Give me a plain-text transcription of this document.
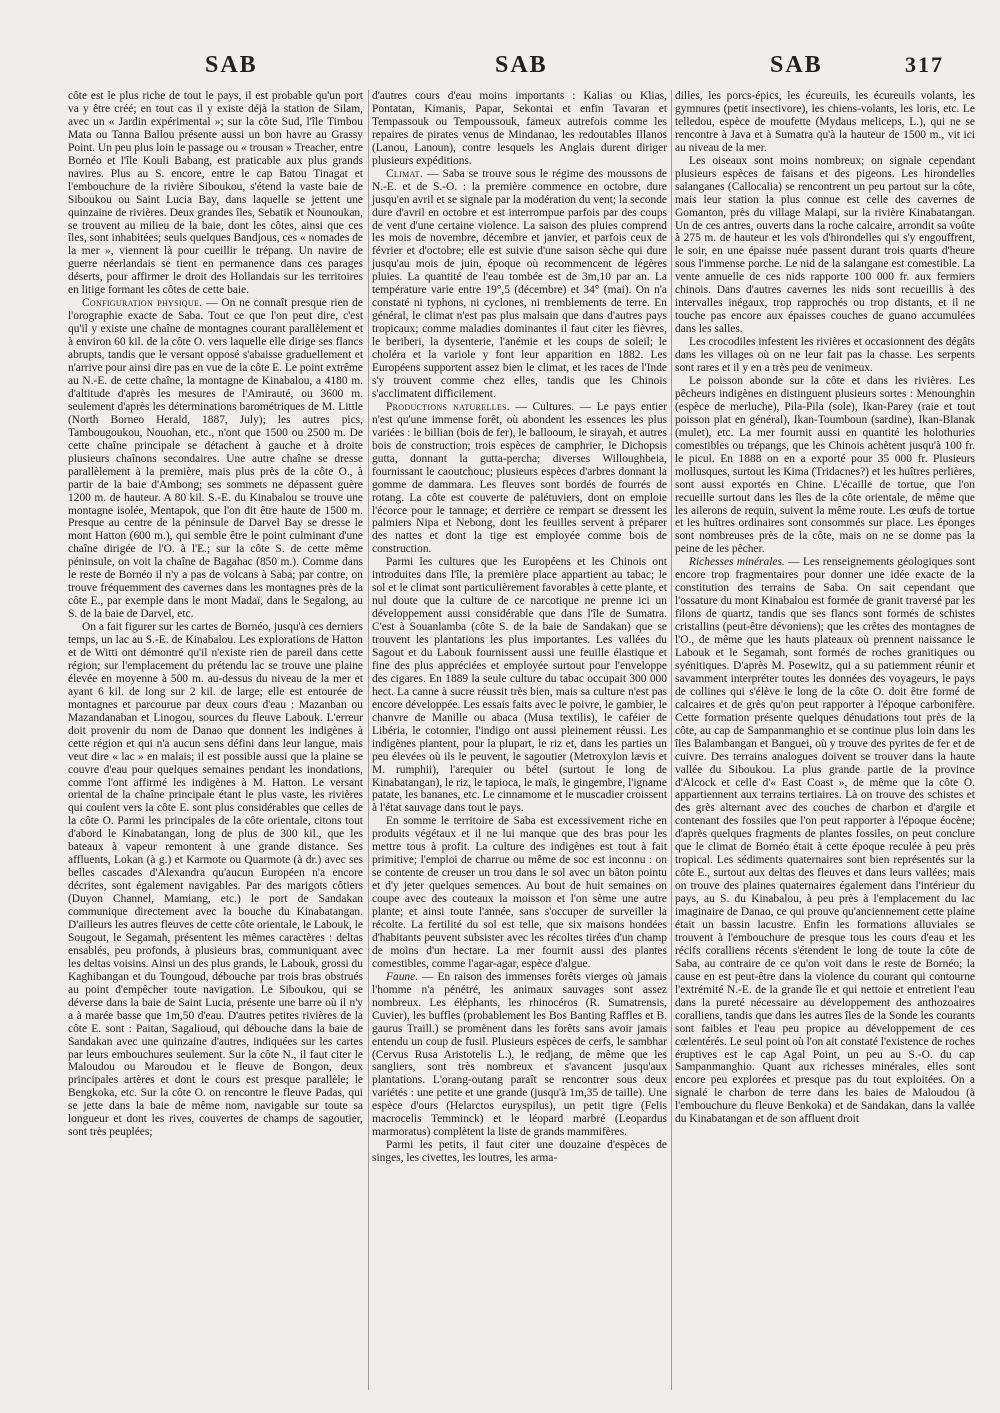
SAB	SAB	SAB	317

côte est le plus riche de tout le pays, il est probable qu'un port va y être créé; en tout cas il y existe déjà la station de Silam, avec un « Jardin expérimental »; sur la côte Sud, l'île Timbou Mata ou Tanna Ballou présente aussi un bon havre au Grassy Point. Un peu plus loin le passage ou « trousan » Treacher, entre Bornéo et l'île Kouli Babang, est praticable aux plus grands navires. Plus au S. encore, entre le cap Batou Tinagat et l'embouchure de la rivière Siboukou, s'étend la vaste baie de Siboukou ou Saint Lucia Bay, dans laquelle se jettent une quinzaine de rivières. Deux grandes îles, Sebatik et Nounoukan, se trouvent au milieu de la baie, dont les côtes, ainsi que ces îles, sont inhabitées; seuls quelques Bandjous, ces « nomades de la mer », viennent là pour cueillir le trépang. Un navire de guerre néerlandais se tient en permanence dans ces parages déserts, pour affirmer le droit des Hollandais sur les territoires en litige formant les côtes de cette baie.

Configuration physique. — On ne connaît presque rien de l'orographie exacte de Saba. Tout ce que l'on peut dire, c'est qu'il y existe une chaîne de montagnes courant parallèlement et à environ 60 kil. de la côte O. vers laquelle elle dirige ses flancs abrupts, tandis que le versant opposé s'abaisse graduellement et n'arrive pour ainsi dire pas en vue de la côte E. Le point extrême au N.-E. de cette chaîne, la montagne de Kinabalou, a 4180 m. d'altitude d'après les mesures de l'Amirauté, ou 3600 m. seulement d'après les déterminations barométriques de M. Little (North Borneo Herald, 1887, July); les autres pics, Tambougoukou, Nouohan, etc., n'ont que 1500 ou 2500 m. De cette chaîne principale se détachent à gauche et à droite plusieurs chaînons secondaires. Une autre chaîne se dresse parallèlement à la première, mais plus près de la côte O., à partir de la baie d'Ambong; ses sommets ne dépassent guère 1200 m. de hauteur. A 80 kil. S.-E. du Kinabalou se trouve une montagne isolée, Mentapok, que l'on dit être haute de 1500 m. Presque au centre de la péninsule de Darvel Bay se dresse le mont Hatton (600 m.), qui semble être le point culminant d'une chaîne dirigée de l'O. à l'E.; sur la côte S. de cette même péninsule, on voit la chaîne de Bagahac (850 m.). Comme dans le reste de Bornéo il n'y a pas de volcans à Saba; par contre, on trouve fréquemment des cavernes dans les montagnes près de la côte E., par exemple dans le mont Madaï, dans le Segalong, au S. de la baie de Darvel, etc.

On a fait figurer sur les cartes de Bornéo, jusqu'à ces derniers temps, un lac au S.-E. de Kinabalou. Les explorations de Hatton et de Witti ont démontré qu'il n'existe rien de pareil dans cette région; sur l'emplacement du prétendu lac se trouve une plaine élevée en moyenne à 500 m. au-dessus du niveau de la mer et ayant 6 kil. de long sur 2 kil. de large; elle est entourée de montagnes et parcourue par deux cours d'eau : Mazanban ou Mazandanaban et Linogou, sources du fleuve Labouk. L'erreur doit provenir du nom de Danao que donnent les indigènes à cette région et qui n'a aucun sens défini dans leur langue, mais veut dire « lac » en malais; il est possible aussi que la plaine se couvre d'eau pour quelques semaines pendant les inondations, comme l'ont affirmé les indigènes à M. Hatton. Le versant oriental de la chaîne principale étant le plus vaste, les rivières qui coulent vers la côte E. sont plus considérables que celles de la côte O. Parmi les principales de la côte orientale, citons tout d'abord le Kinabatangan, long de plus de 300 kil., que les bateaux à vapeur remontent à une grande distance. Ses affluents, Lokan (à g.) et Karmote ou Quarmote (à dr.) avec ses belles cascades d'Alexandra qu'aucun Européen n'a encore décrites, sont également navigables. Par des marigots côtiers (Duyon Channel, Mamiang, etc.) le port de Sandakan communique directement avec la bouche du Kinabatangan. D'ailleurs les autres fleuves de cette côte orientale, le Labouk, le Sougout, le Segamah, présentent les mêmes caractères : deltas ensablés, peu profonds, à plusieurs bras, communiquant avec les deltas voisins. Ainsi un des plus grands, le Labouk, grossi du Kaghibangan et du Toungoud, débouche par trois bras obstrués au point d'empêcher toute navigation. Le Siboukou, qui se déverse dans la baie de Saint Lucia, présente une barre où il n'y a à marée basse que 1m,50 d'eau. D'autres petites rivières de la côte E. sont : Paitan, Sagalioud, qui débouche dans la baie de Sandakan avec une quinzaine d'autres, indiquées sur les cartes par leurs embouchures seulement. Sur la côte N., il faut citer le Maloudou ou Maroudou et le fleuve de Bongon, deux principales artères et dont le cours est presque parallèle; le Bengkoka, etc. Sur la côte O. on rencontre le fleuve Padas, qui se jette dans la baie de même nom, navigable sur toute sa longueur et dont les rives, couvertes de champs de sagoutier, sont très peuplées;

d'autres cours d'eau moins importants : Kalias ou Klias, Pontatan, Kimanis, Papar, Sekontai et enfin Tavaran et Tempassouk ou Tempoussouk, fameux autrefois comme les repaires de pirates venus de Mindanao, les redoutables Illanos (Lanou, Lanoun), contre lesquels les Anglais durent diriger plusieurs expéditions.

Climat. — Saba se trouve sous le régime des moussons de N.-E. et de S.-O. : la première commence en octobre, dure jusqu'en avril et se signale par la modération du vent; la seconde dure d'avril en octobre et est interrompue parfois par des coups de vent d'une certaine violence. La saison des pluies comprend les mois de novembre, décembre et janvier, et parfois ceux de février et d'octobre; elle est suivie d'une saison sèche qui dure jusqu'au mois de juin, époque où recommencent de légères pluies. La quantité de l'eau tombée est de 3m,10 par an. La température varie entre 19°,5 (décembre) et 34° (mai). On n'a constaté ni typhons, ni cyclones, ni tremblements de terre. En général, le climat n'est pas plus malsain que dans d'autres pays tropicaux; comme maladies dominantes il faut citer les fièvres, le beriberi, la dysenterie, l'anémie et les coups de soleil; le choléra et la variole y font leur apparition en 1882. Les Européens supportent assez bien le climat, et les races de l'Inde s'y trouvent comme chez elles, tandis que les Chinois s'acclimatent difficilement.

Productions naturelles. — Cultures. — Le pays entier n'est qu'une immense forêt, où abondent les essences les plus variées : le billian (bois de fer), le ballooum, le sirayah, et autres bois de construction; trois espèces de camphrier, le Dichopsis gutta, donnant la gutta-percha; diverses Willoughbeia, fournissant le caoutchouc; plusieurs espèces d'arbres donnant la gomme de dammara. Les fleuves sont bordés de fourrés de rotang. La côte est couverte de palétuviers, dont on emploie l'écorce pour le tannage; et derrière ce rempart se dressent les palmiers Nipa et Nebong, dont les feuilles servent à préparer des nattes et dont la tige est employée comme bois de construction.

Parmi les cultures que les Européens et les Chinois ont introduites dans l'île, la première place appartient au tabac; le sol et le climat sont particulièrement favorables à cette plante, et nul doute que la culture de ce narcotique ne prenne ici un développement aussi considérable que dans l'île de Sumatra. C'est à Souanlamba (côte S. de la baie de Sandakan) que se trouvent les plantations les plus importantes. Les vallées du Sagout et du Labouk fournissent aussi une feuille élastique et fine des plus appréciées et employée surtout pour l'enveloppe des cigares. En 1889 la seule culture du tabac occupait 300 000 hect. La canne à sucre réussit très bien, mais sa culture n'est pas encore développée. Les essais faits avec le poivre, le gambier, le chanvre de Manille ou abaca (Musa textilis), le caféier de Libéria, le cotonnier, l'indigo ont aussi pleinement réussi. Les indigènes plantent, pour la plupart, le riz et, dans les parties un peu élevées où ils le peuvent, le sagoutier (Metroxylon lævis et M. rumphii), l'arequier ou bétel (surtout le long de Kinabatangan), le riz, le tapioca, le maïs, le gingembre, l'igname patate, les bananes, etc. Le cinnamome et le muscadier croissent à l'état sauvage dans tout le pays.

En somme le territoire de Saba est excessivement riche en produits végétaux et il ne lui manque que des bras pour les mettre tous à profit. La culture des indigènes est tout à fait primitive; l'emploi de charrue ou même de soc est inconnu : on se contente de creuser un trou dans le sol avec un bâton pointu et d'y jeter quelques semences. Au bout de huit semaines on coupe avec des couteaux la moisson et l'on sème une autre plante; et ainsi toute l'année, sans s'occuper de surveiller la récolte. La fertilité du sol est telle, que six maisons hondées d'habitants peuvent subsister avec les récoltes tirées d'un champ de moins d'un hectare. La mer fournit aussi des plantes comestibles, comme l'agar-agar, espèce d'algue.

Faune. — En raison des immenses forêts vierges où jamais l'homme n'a pénétré, les animaux sauvages sont assez nombreux. Les éléphants, les rhinocéros (R. Sumatrensis, Cuvier), les buffles (probablement les Bos Banting Raffles et B. gaurus Traill.) se promènent dans les forêts sans avoir jamais entendu un coup de fusil. Plusieurs espèces de cerfs, le sambhar (Cervus Rusa Aristotelis L.), le redjang, de même que les sangliers, sont très nombreux et s'avancent jusqu'aux plantations. L'orang-outang paraît se rencontrer sous deux variétés : une petite et une grande (jusqu'à 1m,35 de taille). Une espèce d'ours (Helarctos euryspilus), un petit tigre (Felis macrocelis Temminck) et le léopard marbré (Leopardus marmoratus) complètent la liste de grands mammifères.

Parmi les petits, il faut citer une douzaine d'espèces de singes, les civettes, les loutres, les arma-

dilles, les porcs-épics, les écureuils, les écureuils volants, les gymnures (petit insectivore), les chiens-volants, les loris, etc. Le telledou, espèce de moufette (Mydaus meliceps, L.), qui ne se rencontre à Java et à Sumatra qu'à la hauteur de 1500 m., vit ici au niveau de la mer.

Les oiseaux sont moins nombreux; on signale cependant plusieurs espèces de faisans et des pigeons. Les hirondelles salanganes (Callocalia) se rencontrent un peu partout sur la côte, mais leur station la plus connue est celle des cavernes de Gomanton, près du village Malapi, sur la rivière Kinabatangan. Un de ces antres, ouverts dans la roche calcaire, arrondit sa voûte à 275 m. de hauteur et les vols d'hirondelles qui s'y engouffrent, le soir, en une épaisse nuée passent durant trois quarts d'heure sous l'immense porche. Le nid de la salangane est comestible. La vente annuelle de ces nids rapporte 100 000 fr. aux fermiers chinois. Dans d'autres cavernes les nids sont recueillis à des intervalles inégaux, trop rapprochés ou trop distants, et il ne touche pas encore aux épaisses couches de guano accumulées dans les salles.

Les crocodiles infestent les rivières et occasionnent des dégâts dans les villages où on ne leur fait pas la chasse. Les serpents sont rares et il y en a très peu de venimeux.

Le poisson abonde sur la côte et dans les rivières. Les pêcheurs indigènes en distinguent plusieurs sortes : Menounghin (espèce de merluche), Pila-Pila (sole), Ikan-Parey (raie et tout poisson plat en général), Ikan-Toumboun (sardine), Ikan-Blanak (mulet), etc. La mer fournit aussi en quantité les holothuries comestibles ou trépangs, que les Chinois achètent jusqu'à 100 fr. le picul. En 1888 on en a exporté pour 35 000 fr. Plusieurs mollusques, surtout les Kima (Tridacnes?) et les huîtres perlières, sont aussi exportés en Chine. L'écaille de tortue, que l'on recueille surtout dans les îles de la côte orientale, de même que les ailerons de requin, suivent la même route. Les œufs de tortue et les huîtres ordinaires sont consommés sur place. Les éponges sont nombreuses près de la côte, mais on ne se donne pas la peine de les pêcher.

Richesses minérales. — Les renseignements géologiques sont encore trop fragmentaires pour donner une idée exacte de la constitution des terrains de Saba. On sait cependant que l'ossature du mont Kinabalou est formée de granit traversé par les filons de quartz, tandis que ses flancs sont formés de schistes cristallins (peut-être dévoniens); que les crêtes des montagnes de l'O., de même que les hauts plateaux où prennent naissance le Labouk et le Segamah, sont formés de roches granitiques ou syénitiques. D'après M. Posewitz, qui a su patiemment réunir et savamment interpréter toutes les données des voyageurs, le pays de collines qui s'élève le long de la côte O. doit être formé de calcaires et de grès qu'on peut rapporter à l'époque carbonifère. Cette formation présente quelques dénudations tout près de la côte, au cap de Sampanmanghio et se continue plus loin dans les îles Balambangan et Banguei, où y trouve des pyrites de fer et de cuivre. Des terrains analogues doivent se trouver dans la haute vallée du Siboukou. La plus grande partie de la province d'Alcock et celle d'« East Coast », de même que la côte O. appartiennent aux terrains tertiaires. Là on trouve des schistes et des grès alternant avec des couches de charbon et d'argile et contenant des fossiles que l'on peut rapporter à l'époque éocène; d'après quelques fragments de plantes fossiles, on peut conclure que le climat de Bornéo était à cette époque reculée à peu près tropical. Les sédiments quaternaires sont bien représentés sur la côte E., surtout aux deltas des fleuves et dans leurs vallées; mais on trouve des plaines quaternaires également dans l'intérieur du pays, au S. du Kinabalou, à peu près à l'emplacement du lac imaginaire de Danao, ce qui prouve qu'anciennement cette plaine était un bassin lacustre. Enfin les formations alluviales se trouvent à l'embouchure de presque tous les cours d'eau et les récifs coralliens récents s'étendent le long de toute la côte de Saba, au contraire de ce qu'on voit dans le reste de Bornéo; la cause en est peut-être dans la violence du courant qui contourne l'extrémité N.-E. de la grande île et qui nettoie et entretient l'eau dans la pureté nécessaire au développement des anthozoaires coralliens, tandis que dans les autres îles de la Sonde les courants sont faibles et l'eau peu propice au développement de ces cœlentérés. Le seul point où l'on ait constaté l'existence de roches éruptives est le cap Agal Point, un peu au S.-O. du cap Sampanmanghio. Quant aux richesses minérales, elles sont encore peu explorées et presque pas du tout exploitées. On a signalé le charbon de terre dans les baies de Maloudou (à l'embouchure du fleuve Benkoka) et de Sandakan, dans la vallée du Kinabatangan et de son affluent droit
